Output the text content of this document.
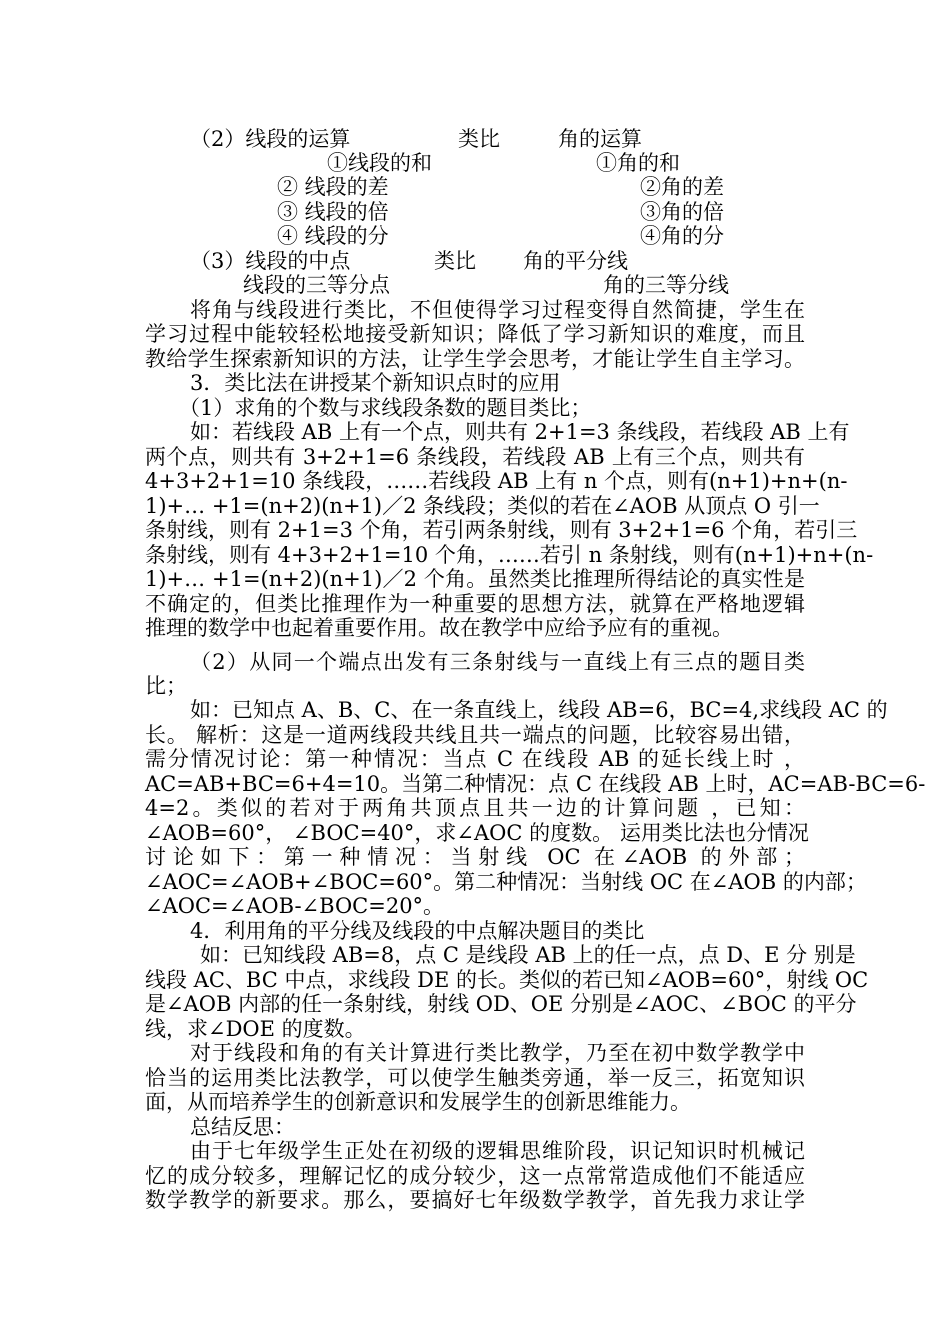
（2）线段的运算	类比	角的运算
①线段的和	①角的和
② 线段的差	②角的差
③ 线段的倍	③角的倍
④ 线段的分	④角的分
（3）线段的中点	类比 角的平分线
线段的三等分点	角的三等分线
将角与线段进行类比，不但使得学习过程变得自然简捷，学生在
学习过程中能较轻松地接受新知识；降低了学习新知识的难度，而且
教给学生探索新知识的方法，让学生学会思考，才能让学生自主学习。
3．类比法在讲授某个新知识点时的应用
（1）求角的个数与求线段条数的题目类比；
如：若线段 AB 上有一个点，则共有 2+1=3 条线段，若线段 AB 上有
两个点，则共有 3+2+1=6 条线段，若线段 AB 上有三个点，则共有
4+3+2+1=10 条线段，……若线段 AB 上有 n 个点，则有(n+1)+n+(n-
1)+… +1=(n+2)(n+1)／2 条线段；类似的若在∠AOB 从顶点 O 引一
条射线，则有 2+1=3 个角，若引两条射线，则有 3+2+1=6 个角，若引三
条射线，则有 4+3+2+1=10 个角，……若引 n 条射线，则有(n+1)+n+(n-
1)+… +1=(n+2)(n+1)／2 个角。虽然类比推理所得结论的真实性是
不确定的，但类比推理作为一种重要的思想方法，就算在严格地逻辑
推理的数学中也起着重要作用。故在教学中应给予应有的重视。
（2）从同一个端点出发有三条射线与一直线上有三点的题目类
比；
如：已知点 A、B、C、在一条直线上，线段 AB=6，BC=4,求线段 AC 的
长。 解析：这是一道两线段共线且共一端点的问题，比较容易出错，
需分情况讨论：第一种情况：当点 C 在线段 AB 的延长线上时 ，
AC=AB+BC=6+4=10。当第二种情况：点 C 在线段 AB 上时，AC=AB-BC=6-
4=2。类似的若对于两角共顶点且共一边的计算问题 ，已知：
∠AOB=60°， ∠BOC=40°，求∠AOC 的度数。 运用类比法也分情况
讨论如下：第一种情况：当射线 OC 在∠AOB 的外部；
∠AOC=∠AOB+∠BOC=60°。第二种情况：当射线 OC 在∠AOB 的内部；
∠AOC=∠AOB-∠BOC=20°。
4．利用角的平分线及线段的中点解决题目的类比
如：已知线段 AB=8，点 C 是线段 AB 上的任一点，点 D、E 分 别是
线段 AC、BC 中点，求线段 DE 的长。类似的若已知∠AOB=60°，射线 OC
是∠AOB 内部的任一条射线，射线 OD、OE 分别是∠AOC、∠BOC 的平分
线，求∠DOE 的度数。
对于线段和角的有关计算进行类比教学，乃至在初中数学教学中
恰当的运用类比法教学，可以使学生触类旁通，举一反三，拓宽知识
面，从而培养学生的创新意识和发展学生的创新思维能力。
总结反思：
由于七年级学生正处在初级的逻辑思维阶段，识记知识时机械记
忆的成分较多，理解记忆的成分较少，这一点常常造成他们不能适应
数学教学的新要求。那么，要搞好七年级数学教学，首先我力求让学
